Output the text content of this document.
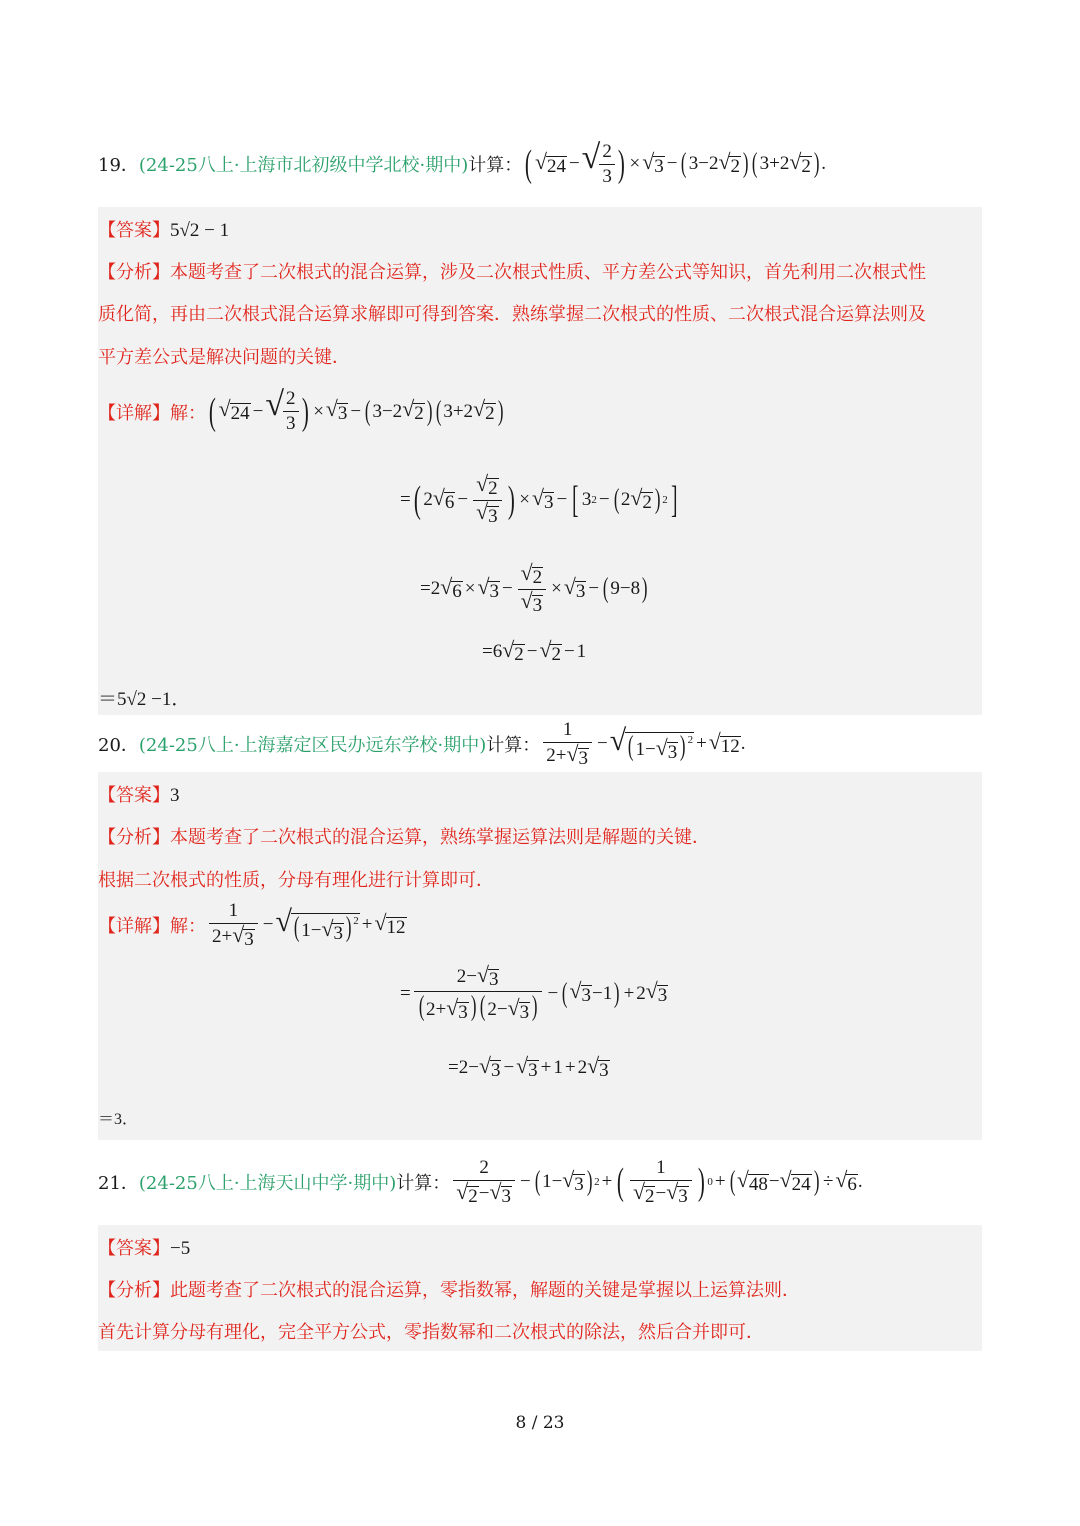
19． (24-25八上·上海市北初级中学北校·期中) 计算： ( √ 24 − √ $\frac{2}{3}$ ) × √ 3 − ( 3−2 √ 2 ) ( 3+2 √ 2 ) .
【答案】5√2 − 1
【分析】本题考查了二次根式的混合运算，涉及二次根式性质、平方差公式等知识，首先利用二次根式性
质化简，再由二次根式混合运算求解即可得到答案．熟练掌握二次根式的性质、二次根式混合运算法则及
平方差公式是解决问题的关键．
【详解】 解： ( √ 24 − √ $\frac{2}{3}$ ) × √ 3 − ( 3−2 √ 2 ) ( 3+2 √ 2 )
= ( 2 √ $6 - \frac{√ 2}{√ 3}$ ) × √ 3 − [ 3 2 − ( 2 √ 2 ) 2 ]
=2 √ 6 × √ $3 - \frac{√ 2}{√ 3}$ × √ 3 − ( 9−8 )
=6 √ 2 − √ 2 − 1
＝5√2 −1．
20． (24-25八上·上海嘉定区民办远东学校·期中) 计算： $\frac{1}{2+ √ 3}$ − √ (1− √ 3 ) $^2$ + √ 12 .
【答案】3
【分析】本题考查了二次根式的混合运算，熟练掌握运算法则是解题的关键．
根据二次根式的性质，分母有理化进行计算即可．
【详解】 解： $\frac{1}{2+ √ 3}$ − √ (1− √ 3 ) $^2$ + √ 12
= $\frac{2- √ 3}{(2+ √ 3 ) (2- √ 3 )}$ − ( √ 3 −1 ) + 2 √ 3
=2− √ 3 − √ 3 + 1 + 2 √ 3
＝3．
21． (24-25八上·上海天山中学·期中) 计算： $\frac{2}{√ 2 - √ 3}$ − ( 1− √ 3 ) 2 + ( $\frac{1}{√ 2 - √ 3}$ ) 0 + ( √ 48 − √ 24 ) ÷ √ 6 .
【答案】−5
【分析】此题考查了二次根式的混合运算，零指数幂，解题的关键是掌握以上运算法则．
首先计算分母有理化，完全平方公式，零指数幂和二次根式的除法，然后合并即可．
8 / 23
